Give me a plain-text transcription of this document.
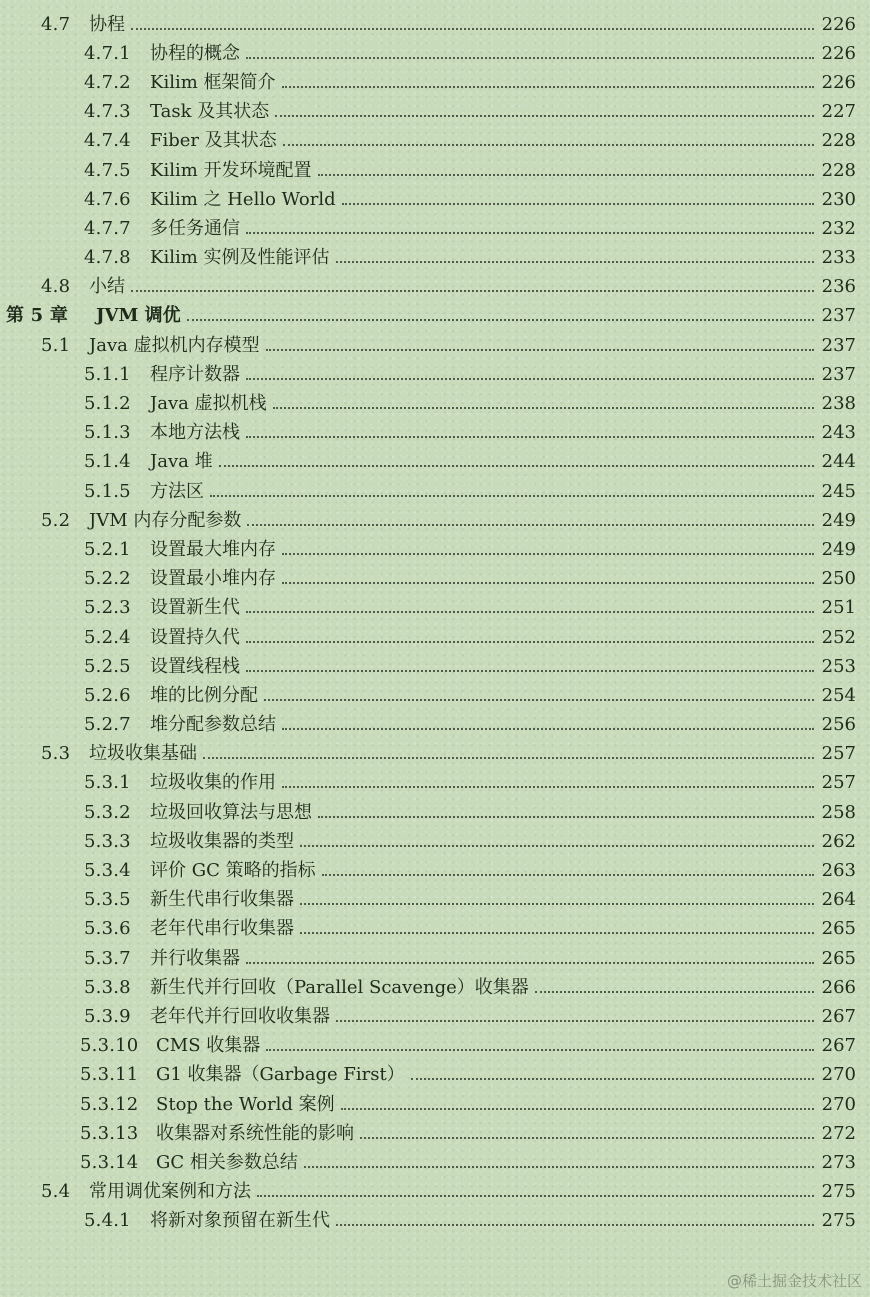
4.7	协程	226
4.7.1	协程的概念	226
4.7.2	Kilim 框架简介	226
4.7.3	Task 及其状态	227
4.7.4	Fiber 及其状态	228
4.7.5	Kilim 开发环境配置	228
4.7.6	Kilim 之 Hello World	230
4.7.7	多任务通信	232
4.7.8	Kilim 实例及性能评估	233
4.8	小结	236
第 5 章	JVM 调优	237
5.1	Java 虚拟机内存模型	237
5.1.1	程序计数器	237
5.1.2	Java 虚拟机栈	238
5.1.3	本地方法栈	243
5.1.4	Java 堆	244
5.1.5	方法区	245
5.2	JVM 内存分配参数	249
5.2.1	设置最大堆内存	249
5.2.2	设置最小堆内存	250
5.2.3	设置新生代	251
5.2.4	设置持久代	252
5.2.5	设置线程栈	253
5.2.6	堆的比例分配	254
5.2.7	堆分配参数总结	256
5.3	垃圾收集基础	257
5.3.1	垃圾收集的作用	257
5.3.2	垃圾回收算法与思想	258
5.3.3	垃圾收集器的类型	262
5.3.4	评价 GC 策略的指标	263
5.3.5	新生代串行收集器	264
5.3.6	老年代串行收集器	265
5.3.7	并行收集器	265
5.3.8	新生代并行回收（Parallel Scavenge）收集器	266
5.3.9	老年代并行回收收集器	267
5.3.10 CMS 收集器	267
5.3.11 G1 收集器（Garbage First）	270
5.3.12 Stop the World 案例	270
5.3.13 收集器对系统性能的影响	272
5.3.14 GC 相关参数总结	273
5.4	常用调优案例和方法	275
5.4.1	将新对象预留在新生代	275
@稀土掘金技术社区
